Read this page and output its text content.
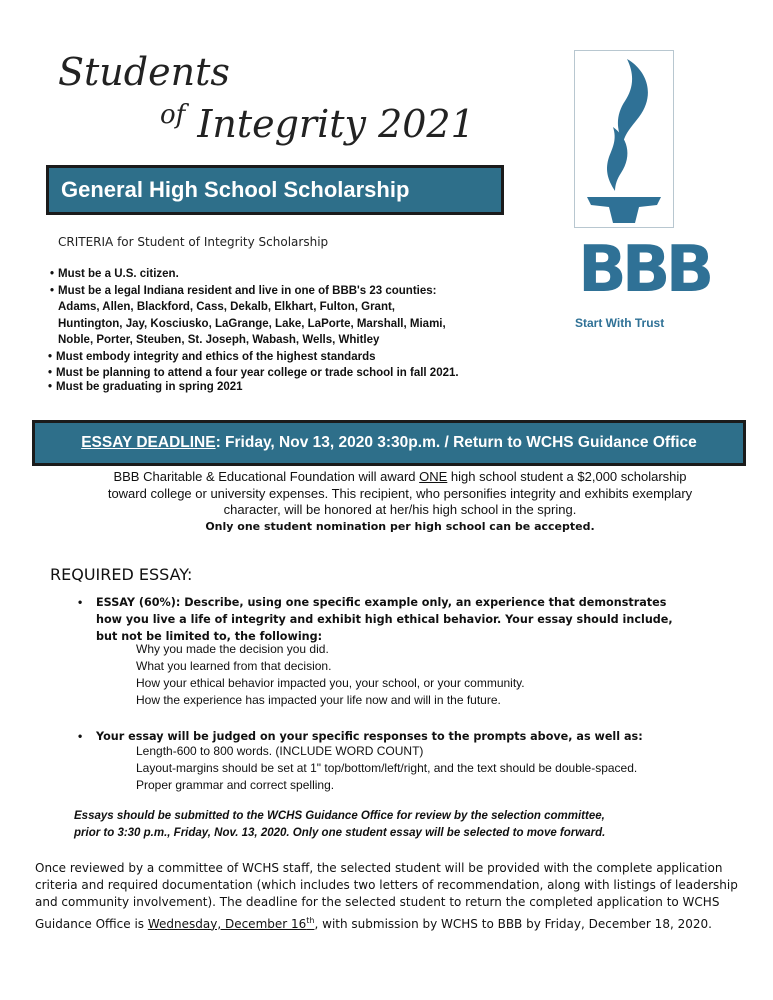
Students
$^{of}$ Integrity 2021
General High School Scholarship
BBB
Start With Trust
CRITERIA for Student of Integrity Scholarship
• Must be a U.S. citizen.
• Must be a legal Indiana resident and live in one of BBB's 23 counties:
Adams, Allen, Blackford, Cass, Dekalb, Elkhart, Fulton, Grant,
Huntington, Jay, Kosciusko, LaGrange, Lake, LaPorte, Marshall, Miami,
Noble, Porter, Steuben, St. Joseph, Wabash, Wells, Whitley
• Must embody integrity and ethics of the highest standards
• Must be planning to attend a four year college or trade school in fall 2021.
• Must be graduating in spring 2021
ESSAY DEADLINE: Friday, Nov 13, 2020 3:30p.m. / Return to WCHS Guidance Office
BBB Charitable & Educational Foundation will award ONE high school student a $2,000 scholarship toward college or university expenses. This recipient, who personifies integrity and exhibits exemplary character, will be honored at her/his high school in the spring.
Only one student nomination per high school can be accepted.
REQUIRED ESSAY:
• ESSAY (60%): Describe, using one specific example only, an experience that demonstrates how you live a life of integrity and exhibit high ethical behavior. Your essay should include, but not be limited to, the following:
Why you made the decision you did.
What you learned from that decision.
How your ethical behavior impacted you, your school, or your community.
How the experience has impacted your life now and will in the future.
• Your essay will be judged on your specific responses to the prompts above, as well as:
Length-600 to 800 words. (INCLUDE WORD COUNT)
Layout-margins should be set at 1" top/bottom/left/right, and the text should be double-spaced.
Proper grammar and correct spelling.
Essays should be submitted to the WCHS Guidance Office for review by the selection committee,
prior to 3:30 p.m., Friday, Nov. 13, 2020. Only one student essay will be selected to move forward.
Once reviewed by a committee of WCHS staff, the selected student will be provided with the complete application criteria and required documentation (which includes two letters of recommendation, along with listings of leadership and community involvement). The deadline for the selected student to return the completed application to WCHS Guidance Office is Wednesday, December 16th, with submission by WCHS to BBB by Friday, December 18, 2020.
